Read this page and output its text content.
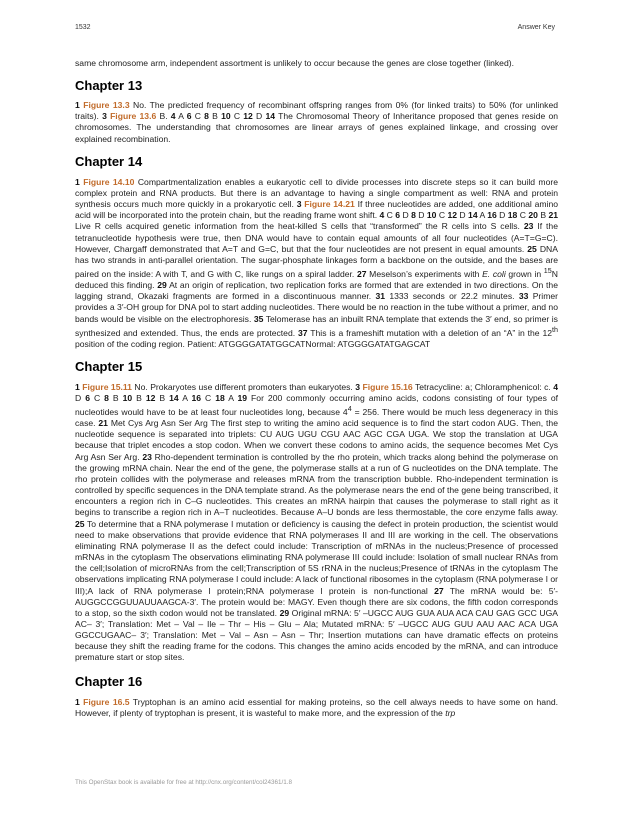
1532	Answer Key

same chromosome arm, independent assortment is unlikely to occur because the genes are close together (linked).

Chapter 13

1 Figure 13.3 No. The predicted frequency of recombinant offspring ranges from 0% (for linked traits) to 50% (for unlinked traits). 3 Figure 13.6 B. 4 A 6 C 8 B 10 C 12 D 14 The Chromosomal Theory of Inheritance proposed that genes reside on chromosomes. The understanding that chromosomes are linear arrays of genes explained linkage, and crossing over explained recombination.

Chapter 14

1 Figure 14.10 Compartmentalization enables a eukaryotic cell to divide processes into discrete steps so it can build more complex protein and RNA products. But there is an advantage to having a single compartment as well: RNA and protein synthesis occurs much more quickly in a prokaryotic cell. 3 Figure 14.21 If three nucleotides are added, one additional amino acid will be incorporated into the protein chain, but the reading frame wont shift. 4 C 6 D 8 D 10 C 12 D 14 A 16 D 18 C 20 B 21 Live R cells acquired genetic information from the heat-killed S cells that “transformed” the R cells into S cells. 23 If the tetranucleotide hypothesis were true, then DNA would have to contain equal amounts of all four nucleotides (A=T=G=C). However, Chargaff demonstrated that A=T and G=C, but that the four nucleotides are not present in equal amounts. 25 DNA has two strands in anti-parallel orientation. The sugar-phosphate linkages form a backbone on the outside, and the bases are paired on the inside: A with T, and G with C, like rungs on a spiral ladder. 27 Meselson’s experiments with E. coli grown in $^{15}$N deduced this finding. 29 At an origin of replication, two replication forks are formed that are extended in two directions. On the lagging strand, Okazaki fragments are formed in a discontinuous manner. 31 1333 seconds or 22.2 minutes. 33 Primer provides a 3′-OH group for DNA pol to start adding nucleotides. There would be no reaction in the tube without a primer, and no bands would be visible on the electrophoresis. 35 Telomerase has an inbuilt RNA template that extends the 3′ end, so primer is synthesized and extended. Thus, the ends are protected. 37 This is a frameshift mutation with a deletion of an “A” in the 12th position of the coding region. Patient: ATGGGGATATGGCATNormal: ATGGGGATATGAGCAT

Chapter 15

1 Figure 15.11 No. Prokaryotes use different promoters than eukaryotes. 3 Figure 15.16 Tetracycline: a; Chloramphenicol: c. 4 D 6 C 8 B 10 B 12 B 14 A 16 C 18 A 19 For 200 commonly occurring amino acids, codons consisting of four types of nucleotides would have to be at least four nucleotides long, because $4^4 = 256$. There would be much less degeneracy in this case. 21 Met Cys Arg Asn Ser Arg The first step to writing the amino acid sequence is to find the start codon AUG. Then, the nucleotide sequence is separated into triplets: CU AUG UGU CGU AAC AGC CGA UGA. We stop the translation at UGA because that triplet encodes a stop codon. When we convert these codons to amino acids, the sequence becomes Met Cys Arg Asn Ser Arg. 23 Rho-dependent termination is controlled by the rho protein, which tracks along behind the polymerase on the growing mRNA chain. Near the end of the gene, the polymerase stalls at a run of G nucleotides on the DNA template. The rho protein collides with the polymerase and releases mRNA from the transcription bubble. Rho-independent termination is controlled by specific sequences in the DNA template strand. As the polymerase nears the end of the gene being transcribed, it encounters a region rich in C–G nucleotides. This creates an mRNA hairpin that causes the polymerase to stall right as it begins to transcribe a region rich in A–T nucleotides. Because A–U bonds are less thermostable, the core enzyme falls away. 25 To determine that a RNA polymerase I mutation or deficiency is causing the defect in protein production, the scientist would need to make observations that provide evidence that RNA polymerases II and III are working in the cell. The observations eliminating RNA polymerase II as the defect could include: Transcription of mRNAs in the nucleus;Presence of processed mRNAs in the cytoplasm The observations eliminating RNA polymerase III could include: Isolation of small nuclear RNAs from the cell;Isolation of microRNAs from the cell;Transcription of 5S rRNA in the nucleus;Presence of tRNAs in the cytoplasm The observations implicating RNA polymerase I could include: A lack of functional ribosomes in the cytoplasm (RNA polymerase I or III);A lack of RNA polymerase I protein;RNA polymerase I protein is non-functional 27 The mRNA would be: 5′-AUGGCCGGUUAUUAAGCA-3′. The protein would be: MAGY. Even though there are six codons, the fifth codon corresponds to a stop, so the sixth codon would not be translated. 29 Original mRNA: 5′ –UGCC AUG GUA AUA ACA CAU GAG GCC UGA AC– 3′; Translation: Met – Val – Ile – Thr – His – Glu – Ala; Mutated mRNA: 5′ –UGCC AUG GUU AAU AAC ACA UGA GGCCUGAAC– 3′; Translation: Met – Val – Asn – Asn – Thr; Insertion mutations can have dramatic effects on proteins because they shift the reading frame for the codons. This changes the amino acids encoded by the mRNA, and can introduce premature start or stop sites.

Chapter 16

1 Figure 16.5 Tryptophan is an amino acid essential for making proteins, so the cell always needs to have some on hand. However, if plenty of tryptophan is present, it is wasteful to make more, and the expression of the trp

This OpenStax book is available for free at http://cnx.org/content/col24361/1.8
